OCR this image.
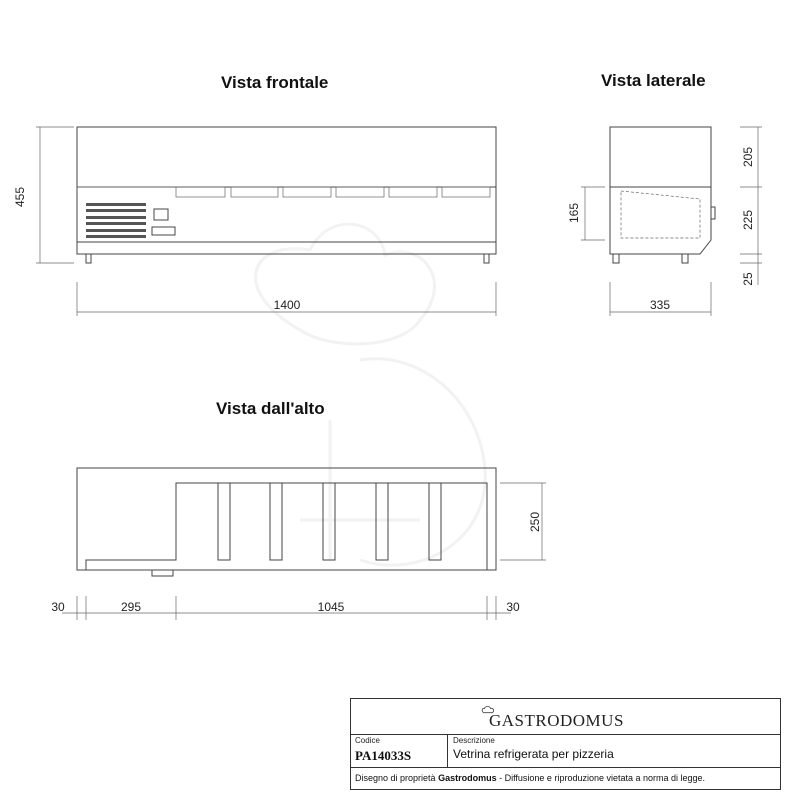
Vista frontale	Vista laterale
Vista dall'alto
455
1400
205
225
25
165
335
250
30	295	1045	30
GASTRODOMUS
Codice
PA14033S
Descrizione
Vetrina refrigerata per pizzeria
Disegno di proprietà Gastrodomus - Diffusione e riproduzione vietata a norma di legge.
